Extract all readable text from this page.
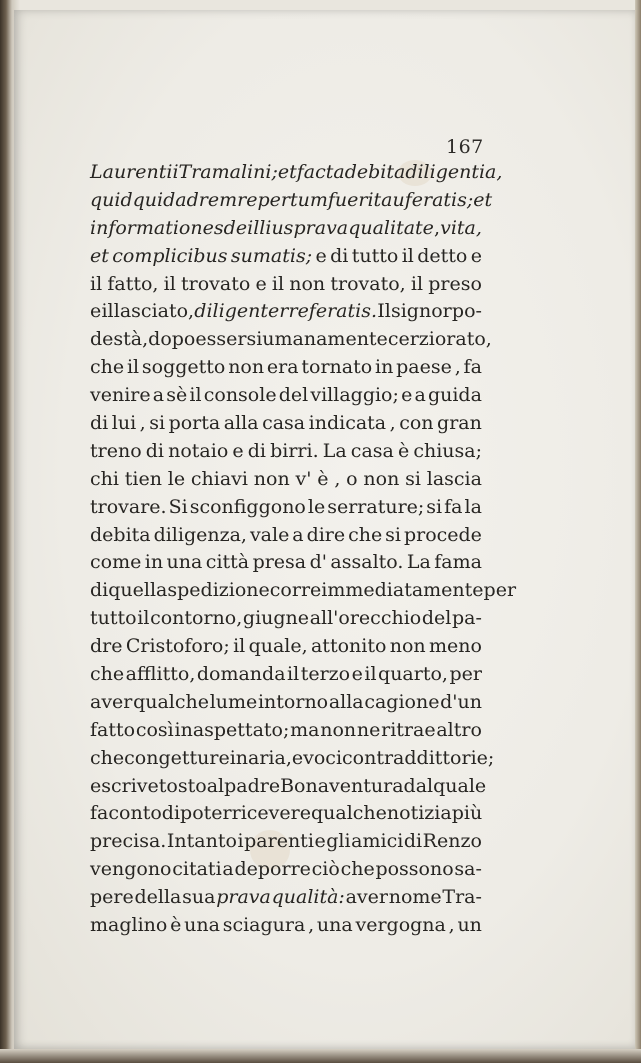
167
Laurentii Tramalini; et facta debita diligentia,
quidquid ad rem repertum fuerit auferatis; et
informationes de illius prava qualitate , vita,
et complicibus sumatis; e di tutto il detto e
il fatto, il trovato e il non trovato, il preso
e il lasciato, diligenter referatis. Il signor po-
destà , dopo essersi umanamente cerziorato ,
che il soggetto non era tornato in paese , fa
venire a sè il console del villaggio; e a guida
di lui , si porta alla casa indicata , con gran
treno di notaio e di birri. La casa è chiusa;
chi tien le chiavi non v' è , o non si lascia
trovare. Si sconfiggono le serrature; si fa la
debita diligenza, vale a dire che si procede
come in una città presa d' assalto. La fama
di quella spedizione corre immediatamente per
tutto il contorno, giugne all'orecchio del pa-
dre Cristoforo; il quale, attonito non meno
che afflitto, domanda il terzo e il quarto, per
aver qualche lume intorno alla cagione d'un
fatto così inaspettato; ma non ne ritrae altro
che congetture in aria, e voci contraddittorie;
e scrive tosto al padre Bonaventura dal quale
fa conto di poter ricevere qualche notizia più
precisa. Intanto i parenti e gli amici di Renzo
vengono citati a deporre ciò che possono sa-
pere della sua prava qualità: aver nome Tra-
maglino è una sciagura , una vergogna , un
